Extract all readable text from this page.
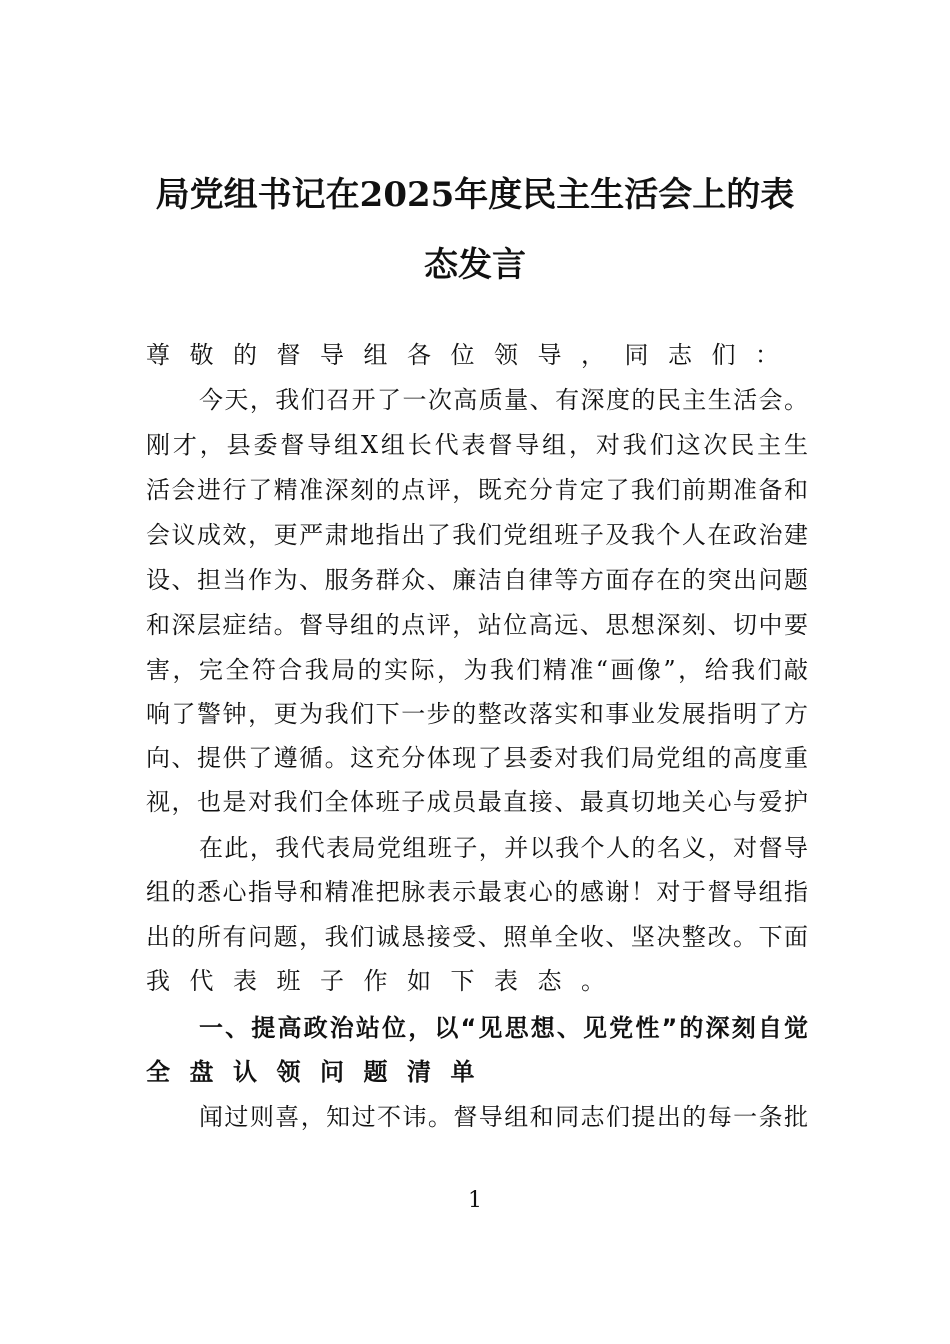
局党组书记在2025年度民主生活会上的表
态发言
尊敬的督导组各位领导，同志们：
今天，我们召开了一次高质量、有深度的民主生活会。
刚才，县委督导组X组长代表督导组，对我们这次民主生
活会进行了精准深刻的点评，既充分肯定了我们前期准备和
会议成效，更严肃地指出了我们党组班子及我个人在政治建
设、担当作为、服务群众、廉洁自律等方面存在的突出问题
和深层症结。督导组的点评，站位高远、思想深刻、切中要
害，完全符合我局的实际，为我们精准“画像”，给我们敲
响了警钟，更为我们下一步的整改落实和事业发展指明了方
向、提供了遵循。这充分体现了县委对我们局党组的高度重
视，也是对我们全体班子成员最直接、最真切地关心与爱护
在此，我代表局党组班子，并以我个人的名义，对督导
组的悉心指导和精准把脉表示最衷心的感谢！对于督导组指
出的所有问题，我们诚恳接受、照单全收、坚决整改。下面
我代表班子作如下表态。
一、提高政治站位，以“见思想、见党性”的深刻自觉
全盘认领问题清单
闻过则喜，知过不讳。督导组和同志们提出的每一条批
1
